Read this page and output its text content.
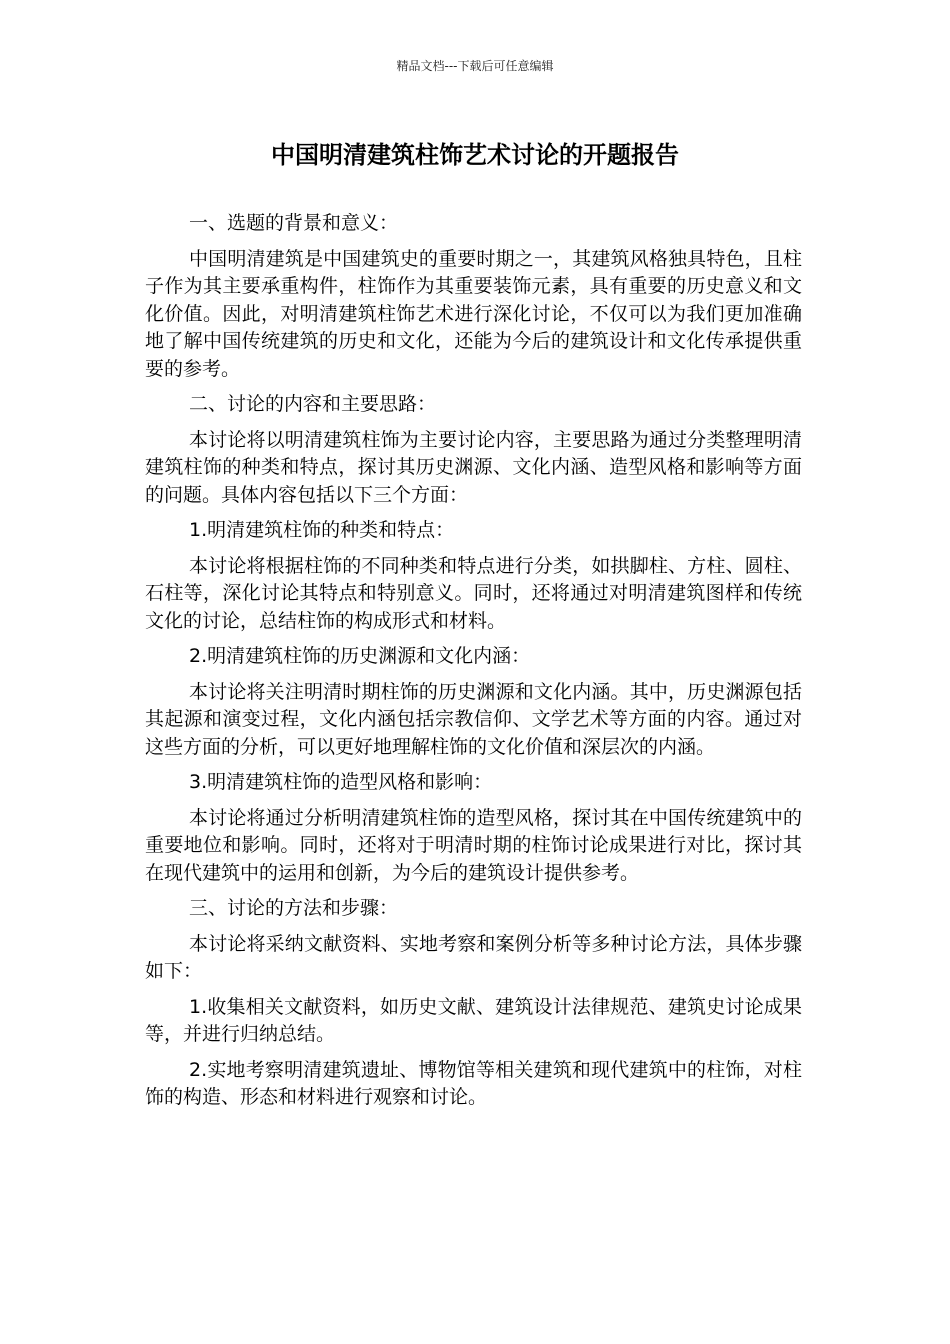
精品文档---下载后可任意编辑
中国明清建筑柱饰艺术讨论的开题报告

一、选题的背景和意义：

中国明清建筑是中国建筑史的重要时期之一，其建筑风格独具特色，且柱子作为其主要承重构件，柱饰作为其重要装饰元素，具有重要的历史意义和文化价值。因此，对明清建筑柱饰艺术进行深化讨论，不仅可以为我们更加准确地了解中国传统建筑的历史和文化，还能为今后的建筑设计和文化传承提供重要的参考。

二、讨论的内容和主要思路：

本讨论将以明清建筑柱饰为主要讨论内容，主要思路为通过分类整理明清建筑柱饰的种类和特点，探讨其历史渊源、文化内涵、造型风格和影响等方面的问题。具体内容包括以下三个方面：

1.明清建筑柱饰的种类和特点：

本讨论将根据柱饰的不同种类和特点进行分类，如拱脚柱、方柱、圆柱、石柱等，深化讨论其特点和特别意义。同时，还将通过对明清建筑图样和传统文化的讨论，总结柱饰的构成形式和材料。

2.明清建筑柱饰的历史渊源和文化内涵：

本讨论将关注明清时期柱饰的历史渊源和文化内涵。其中，历史渊源包括其起源和演变过程，文化内涵包括宗教信仰、文学艺术等方面的内容。通过对这些方面的分析，可以更好地理解柱饰的文化价值和深层次的内涵。

3.明清建筑柱饰的造型风格和影响：

本讨论将通过分析明清建筑柱饰的造型风格，探讨其在中国传统建筑中的重要地位和影响。同时，还将对于明清时期的柱饰讨论成果进行对比，探讨其在现代建筑中的运用和创新，为今后的建筑设计提供参考。

三、讨论的方法和步骤：

本讨论将采纳文献资料、实地考察和案例分析等多种讨论方法，具体步骤如下：

1.收集相关文献资料，如历史文献、建筑设计法律规范、建筑史讨论成果等，并进行归纳总结。

2.实地考察明清建筑遗址、博物馆等相关建筑和现代建筑中的柱饰，对柱饰的构造、形态和材料进行观察和讨论。
